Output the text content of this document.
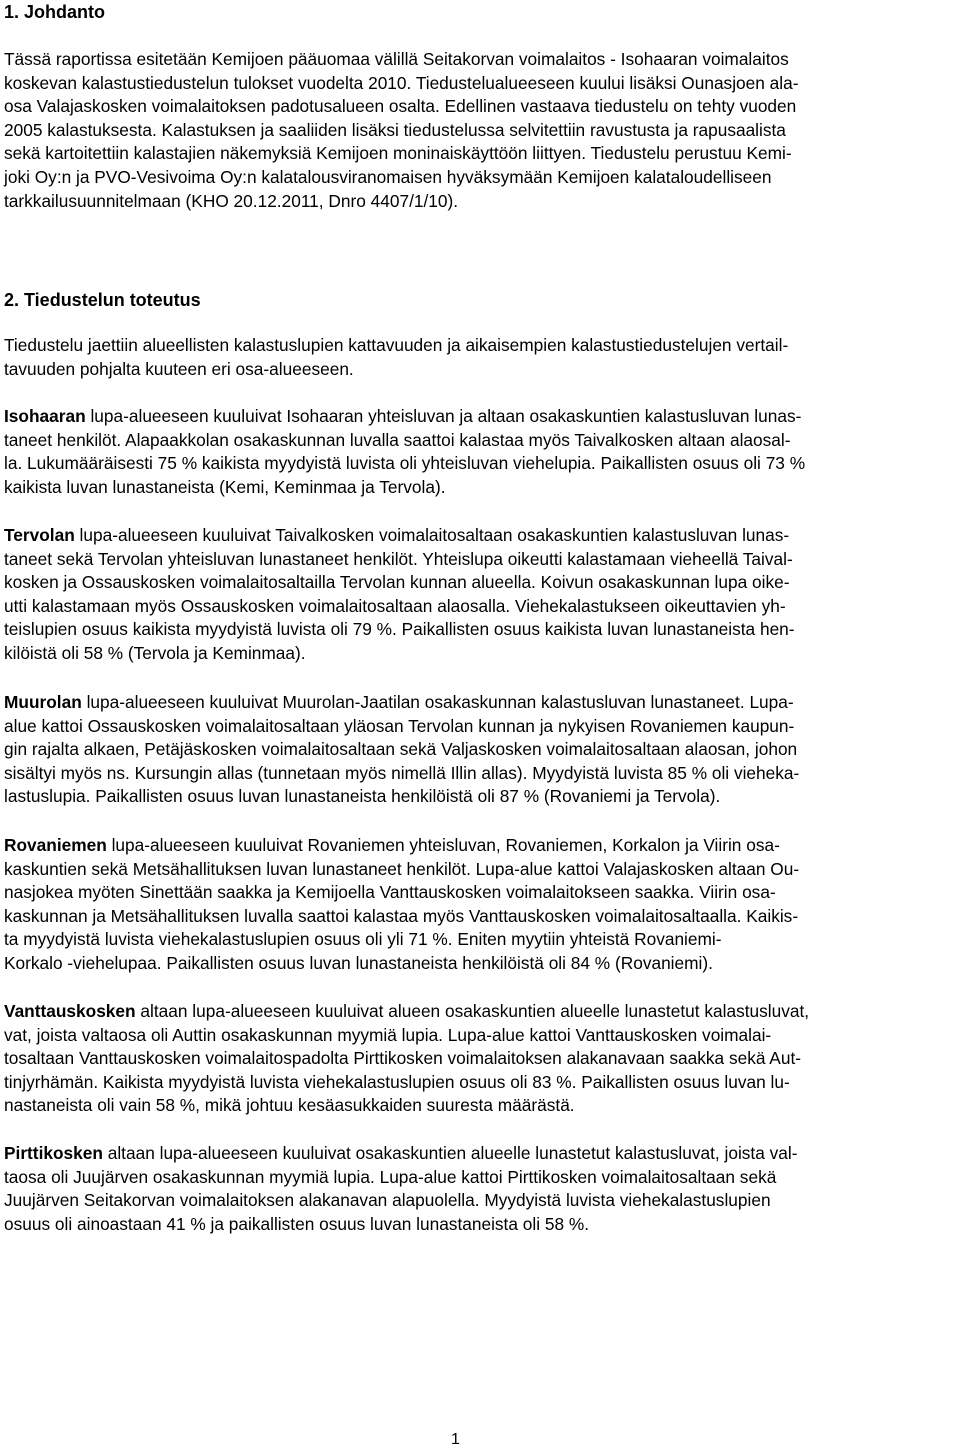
1. Johdanto
Tässä raportissa esitetään Kemijoen pääuomaa välillä Seitakorvan voimalaitos - Isohaaran voimalaitos
koskevan kalastustiedustelun tulokset vuodelta 2010. Tiedustelualueeseen kuului lisäksi Ounasjoen ala-
osa Valajaskosken voimalaitoksen padotusalueen osalta. Edellinen vastaava tiedustelu on tehty vuoden
2005 kalastuksesta. Kalastuksen ja saaliiden lisäksi tiedustelussa selvitettiin ravustusta ja rapusaalista
sekä kartoitettiin kalastajien näkemyksiä Kemijoen moninaiskäyttöön liittyen. Tiedustelu perustuu Kemi-
joki Oy:n ja PVO-Vesivoima Oy:n kalatalousviranomaisen hyväksymään Kemijoen kalataloudelliseen
tarkkailusuunnitelmaan (KHO 20.12.2011, Dnro 4407/1/10).
2. Tiedustelun toteutus
Tiedustelu jaettiin alueellisten kalastuslupien kattavuuden ja aikaisempien kalastustiedustelujen vertail-
tavuuden pohjalta kuuteen eri osa-alueeseen.
Isohaaran lupa-alueeseen kuuluivat Isohaaran yhteisluvan ja altaan osakaskuntien kalastusluvan lunas-
taneet henkilöt. Alapaakkolan osakaskunnan luvalla saattoi kalastaa myös Taivalkosken altaan alaosal-
la. Lukumääräisesti 75 % kaikista myydyistä luvista oli yhteisluvan viehelupia. Paikallisten osuus oli 73 %
kaikista luvan lunastaneista (Kemi, Keminmaa ja Tervola).
Tervolan lupa-alueeseen kuuluivat Taivalkosken voimalaitosaltaan osakaskuntien kalastusluvan lunas-
taneet sekä Tervolan yhteisluvan lunastaneet henkilöt. Yhteislupa oikeutti kalastamaan vieheellä Taival-
kosken ja Ossauskosken voimalaitosaltailla Tervolan kunnan alueella. Koivun osakaskunnan lupa oike-
utti kalastamaan myös Ossauskosken voimalaitosaltaan alaosalla. Viehekalastukseen oikeuttavien yh-
teislupien osuus kaikista myydyistä luvista oli 79 %. Paikallisten osuus kaikista luvan lunastaneista hen-
kilöistä oli 58 % (Tervola ja Keminmaa).
Muurolan lupa-alueeseen kuuluivat Muurolan-Jaatilan osakaskunnan kalastusluvan lunastaneet. Lupa-
alue kattoi Ossauskosken voimalaitosaltaan yläosan Tervolan kunnan ja nykyisen Rovaniemen kaupun-
gin rajalta alkaen, Petäjäskosken voimalaitosaltaan sekä Valjaskosken voimalaitosaltaan alaosan, johon
sisältyi myös ns. Kursungin allas (tunnetaan myös nimellä Illin allas). Myydyistä luvista 85 % oli vieheka-
lastuslupia. Paikallisten osuus luvan lunastaneista henkilöistä oli 87 % (Rovaniemi ja Tervola).
Rovaniemen lupa-alueeseen kuuluivat Rovaniemen yhteisluvan, Rovaniemen, Korkalon ja Viirin osa-
kaskuntien sekä Metsähallituksen luvan lunastaneet henkilöt. Lupa-alue kattoi Valajaskosken altaan Ou-
nasjokea myöten Sinettään saakka ja Kemijoella Vanttauskosken voimalaitokseen saakka. Viirin osa-
kaskunnan ja Metsähallituksen luvalla saattoi kalastaa myös Vanttauskosken voimalaitosaltaalla. Kaikis-
ta myydyistä luvista viehekalastuslupien osuus oli yli 71 %. Eniten myytiin yhteistä Rovaniemi-
Korkalo -viehelupaa. Paikallisten osuus luvan lunastaneista henkilöistä oli 84 % (Rovaniemi).
Vanttauskosken altaan lupa-alueeseen kuuluivat alueen osakaskuntien alueelle lunastetut kalastusluvat,
vat, joista valtaosa oli Auttin osakaskunnan myymiä lupia. Lupa-alue kattoi Vanttauskosken voimalai-
tosaltaan Vanttauskosken voimalaitospadolta Pirttikosken voimalaitoksen alakanavaan saakka sekä Aut-
tinjyrhämän. Kaikista myydyistä luvista viehekalastuslupien osuus oli 83 %. Paikallisten osuus luvan lu-
nastaneista oli vain 58 %, mikä johtuu kesäasukkaiden suuresta määrästä.
Pirttikosken altaan lupa-alueeseen kuuluivat osakaskuntien alueelle lunastetut kalastusluvat, joista val-
taosa oli Juujärven osakaskunnan myymiä lupia. Lupa-alue kattoi Pirttikosken voimalaitosaltaan sekä
Juujärven Seitakorvan voimalaitoksen alakanavan alapuolella. Myydyistä luvista viehekalastuslupien
osuus oli ainoastaan 41 % ja paikallisten osuus luvan lunastaneista oli 58 %.
1
